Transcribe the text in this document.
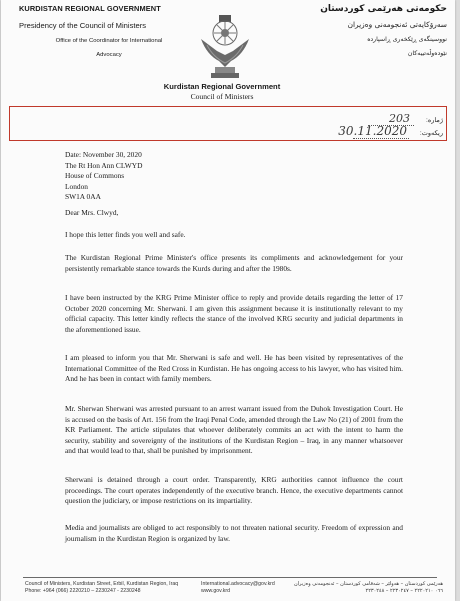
KURDISTAN REGIONAL GOVERNMENT
Presidency of the Council of Ministers
Office of the Coordinator for International
Advocacy
حکومەتی هەرێمی کوردستان
سەرۆکایەتی ئەنجومەنی وەزیران
نووسینگەی ڕێکخەری ڕاسپاردە
نێودەوڵەتییەکان
Kurdistan Regional Government
Council of Ministers
ژمارە:
203
ریکەوت:
30.11.2020
Date: November 30, 2020
The Rt Hon Ann CLWYD
House of Commons
London
SW1A 0AA
Dear Mrs. Clwyd,
I hope this letter finds you well and safe.
The Kurdistan Regional Prime Minister's office presents its compliments and acknowledgement for your persistently remarkable stance towards the Kurds during and after the 1980s.
I have been instructed by the KRG Prime Minister office to reply and provide details regarding the letter of 17 October 2020 concerning Mr. Sherwani. I am given this assignment because it is institutionally relevant to my official capacity. This letter kindly reflects the stance of the involved KRG security and judicial departments in the aforementioned issue.
I am pleased to inform you that Mr. Sherwani is safe and well. He has been visited by representatives of the International Committee of the Red Cross in Kurdistan. He has ongoing access to his lawyer, who has visited him. And he has been in contact with family members.
Mr. Sherwan Sherwani was arrested pursuant to an arrest warrant issued from the Duhok Investigation Court. He is accused on the basis of Art. 156 from the Iraqi Penal Code, amended through the Law No (21) of 2001 from the KR Parliament. The article stipulates that whoever deliberately commits an act with the intent to harm the security, stability and sovereignty of the institutions of the Kurdistan Region – Iraq, in any manner whatsoever and that would lead to that, shall be punished by imprisonment.
Sherwani is detained through a court order. Transparently, KRG authorities cannot influence the court proceedings. The court operates independently of the executive branch. Hence, the executive departments cannot question the judiciary, or impose restrictions on its impartiality.
Media and journalists are obliged to act responsibly to not threaten national security. Freedom of expression and journalism in the Kurdistan Region is organized by law.
Council of Ministers, Kurdistan Street, Erbil, Kurdistan Region, Iraq
Phone: +964 (066) 2220210 – 2230247 - 2230248
International.advocacy@gov.krd
www.gov.krd
هەرێمی کوردستان – هەولێر – شەقامی کوردستان – ئەنجومەنی وەزیران
٠٦٦ ٢٢٢٠٢١٠ – ٢٢٣٠٢٤٧ – ٢٢٣٠٢٤٨
